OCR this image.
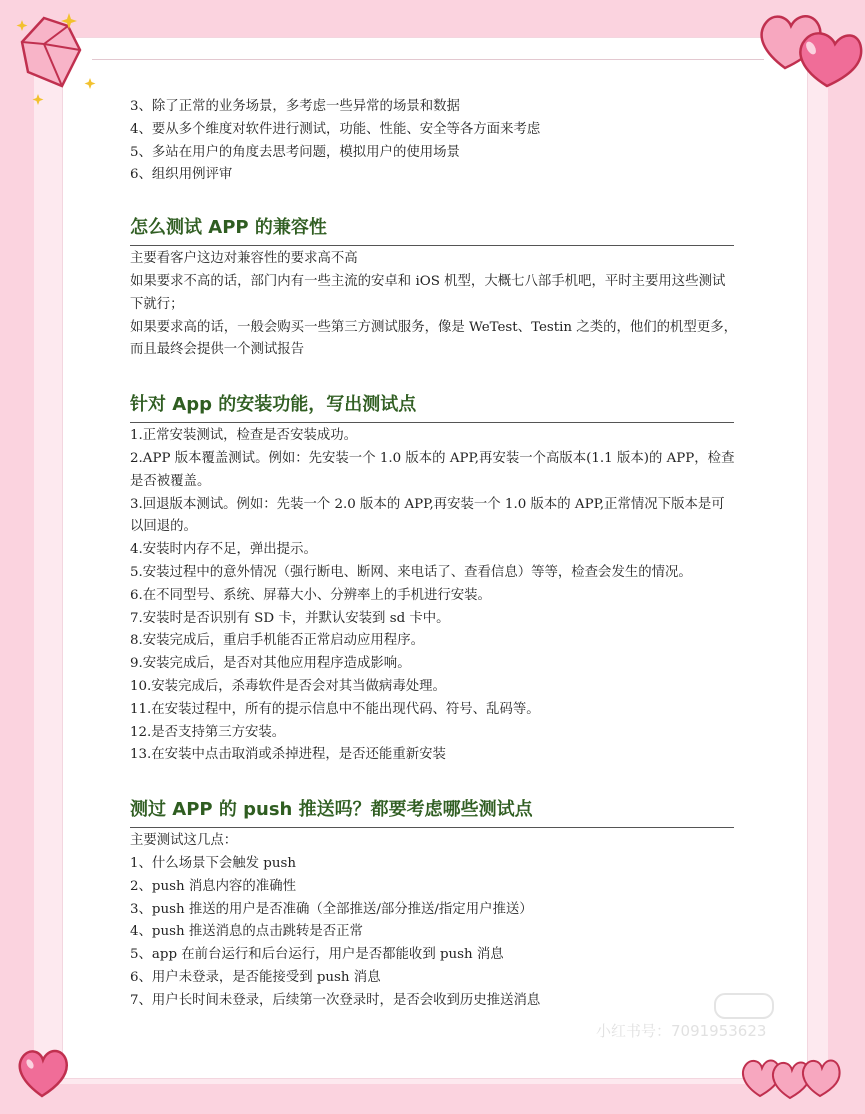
小红书号：7091953623
3、除了正常的业务场景，多考虑一些异常的场景和数据
4、要从多个维度对软件进行测试，功能、性能、安全等各方面来考虑
5、多站在用户的角度去思考问题，模拟用户的使用场景
6、组织用例评审
怎么测试 APP 的兼容性
主要看客户这边对兼容性的要求高不高
如果要求不高的话，部门内有一些主流的安卓和 iOS 机型，大概七八部手机吧，平时主要用这些测试下就行；
如果要求高的话，一般会购买一些第三方测试服务，像是 WeTest、Testin 之类的，他们的机型更多，而且最终会提供一个测试报告
针对 App 的安装功能，写出测试点
1.正常安装测试，检查是否安装成功。
2.APP 版本覆盖测试。例如：先安装一个 1.0 版本的 APP,再安装一个高版本(1.1 版本)的 APP，检查是否被覆盖。
3.回退版本测试。例如：先装一个 2.0 版本的 APP,再安装一个 1.0 版本的 APP,正常情况下版本是可以回退的。
4.安装时内存不足，弹出提示。
5.安装过程中的意外情况（强行断电、断网、来电话了、查看信息）等等，检查会发生的情况。
6.在不同型号、系统、屏幕大小、分辨率上的手机进行安装。
7.安装时是否识别有 SD 卡，并默认安装到 sd 卡中。
8.安装完成后，重启手机能否正常启动应用程序。
9.安装完成后，是否对其他应用程序造成影响。
10.安装完成后，杀毒软件是否会对其当做病毒处理。
11.在安装过程中，所有的提示信息中不能出现代码、符号、乱码等。
12.是否支持第三方安装。
13.在安装中点击取消或杀掉进程，是否还能重新安装
测过 APP 的 push 推送吗？都要考虑哪些测试点
主要测试这几点：
1、什么场景下会触发 push
2、push 消息内容的准确性
3、push 推送的用户是否准确（全部推送/部分推送/指定用户推送）
4、push 推送消息的点击跳转是否正常
5、app 在前台运行和后台运行，用户是否都能收到 push 消息
6、用户未登录，是否能接受到 push 消息
7、用户长时间未登录，后续第一次登录时，是否会收到历史推送消息
